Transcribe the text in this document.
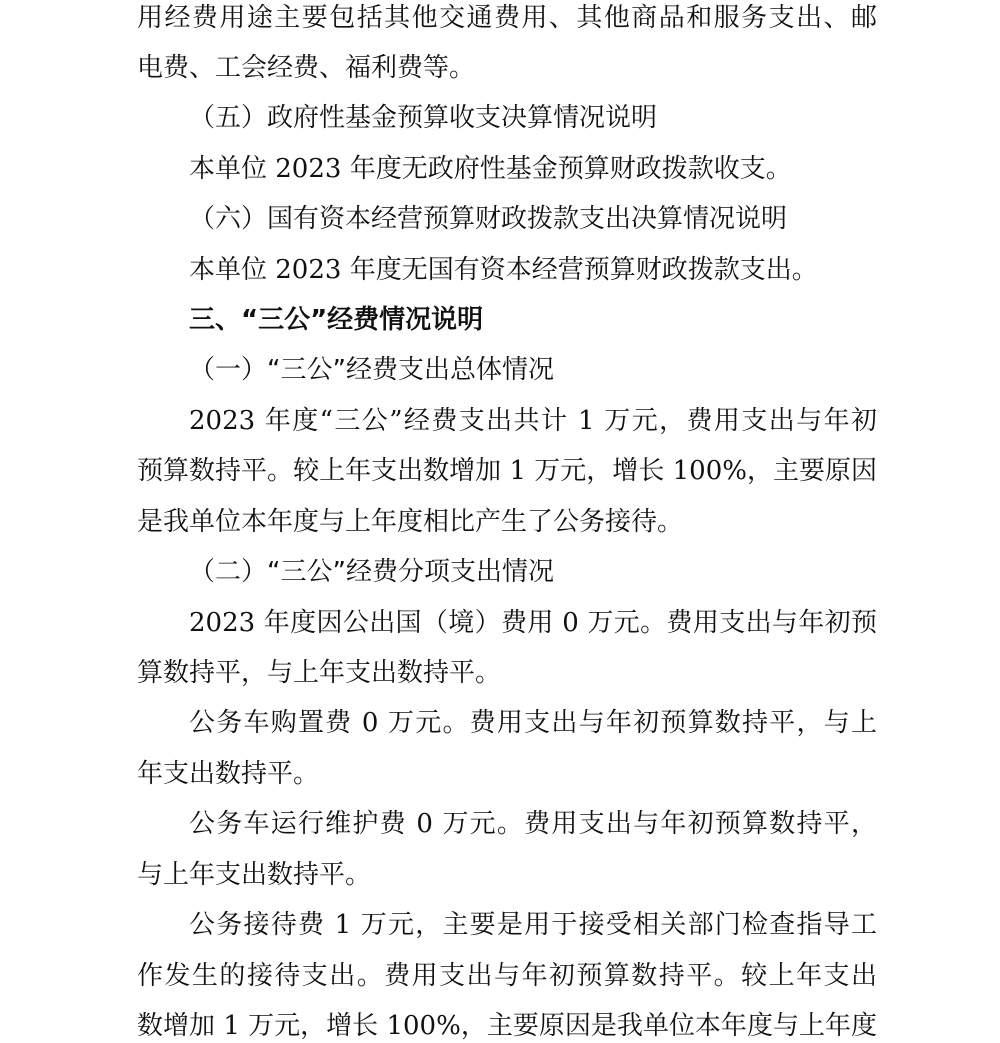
用经费用途主要包括其他交通费用、其他商品和服务支出、邮
电费、工会经费、福利费等。
（五）政府性基金预算收支决算情况说明
本单位 2023 年度无政府性基金预算财政拨款收支。
（六）国有资本经营预算财政拨款支出决算情况说明
本单位 2023 年度无国有资本经营预算财政拨款支出。
三、“三公”经费情况说明
（一）“三公”经费支出总体情况
2023 年度“三公”经费支出共计 1 万元，费用支出与年初
预算数持平。较上年支出数增加 1 万元，增长 100%，主要原因
是我单位本年度与上年度相比产生了公务接待。
（二）“三公”经费分项支出情况
2023 年度因公出国（境）费用 0 万元。费用支出与年初预
算数持平，与上年支出数持平。
公务车购置费 0 万元。费用支出与年初预算数持平，与上
年支出数持平。
公务车运行维护费 0 万元。费用支出与年初预算数持平，
与上年支出数持平。
公务接待费 1 万元，主要是用于接受相关部门检查指导工
作发生的接待支出。费用支出与年初预算数持平。较上年支出
数增加 1 万元，增长 100%，主要原因是我单位本年度与上年度
